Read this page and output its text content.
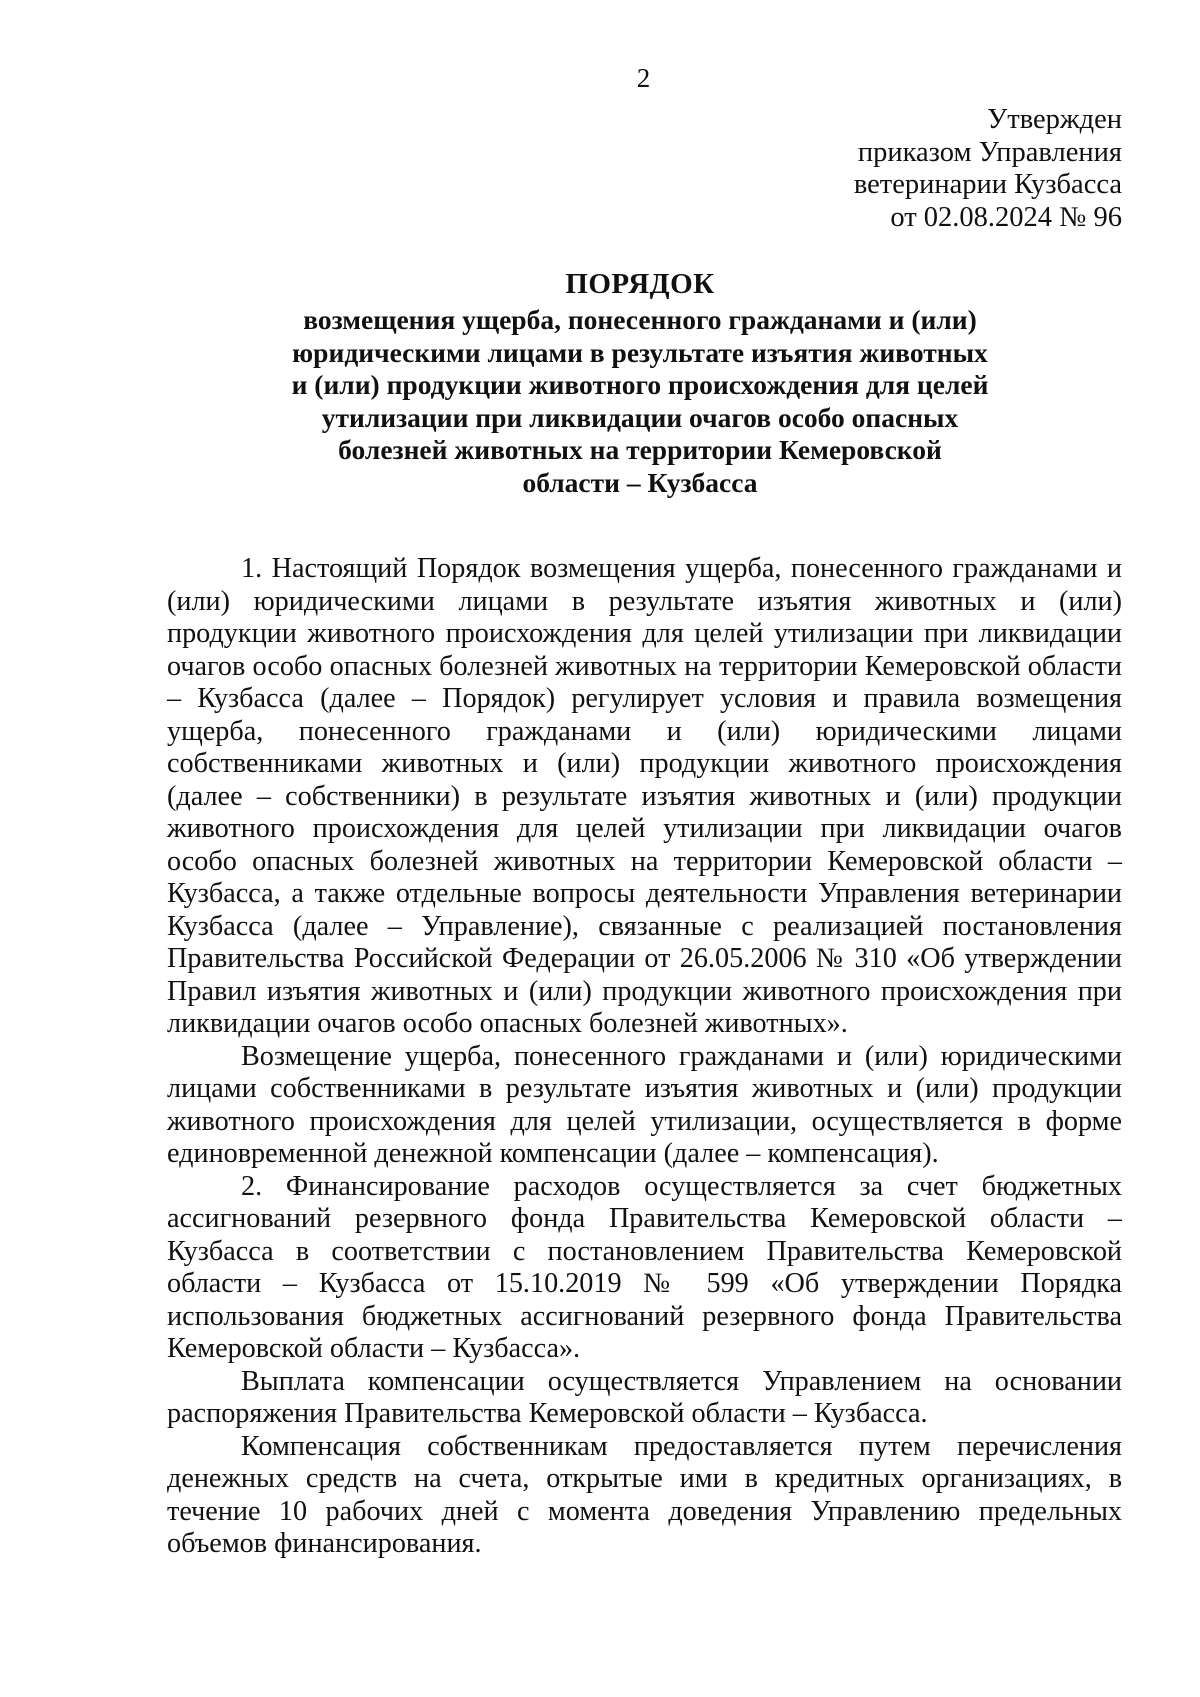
2
Утвержден
приказом Управления
ветеринарии Кузбасса
от 02.08.2024 № 96
ПОРЯДОК
возмещения ущерба, понесенного гражданами и (или)
юридическими лицами в результате изъятия животных
и (или) продукции животного происхождения для целей
утилизации при ликвидации очагов особо опасных
болезней животных на территории Кемеровской
области – Кузбасса

1. Настоящий Порядок возмещения ущерба, понесенного гражданами и (или) юридическими лицами в результате изъятия животных и (или) продукции животного происхождения для целей утилизации при ликвидации очагов особо опасных болезней животных на территории Кемеровской области – Кузбасса (далее – Порядок) регулирует условия и правила возмещения ущерба, понесенного гражданами и (или) юридическими лицами собственниками животных и (или) продукции животного происхождения (далее – собственники) в результате изъятия животных и (или) продукции животного происхождения для целей утилизации при ликвидации очагов особо опасных болезней животных на территории Кемеровской области – Кузбасса, а также отдельные вопросы деятельности Управления ветеринарии Кузбасса (далее – Управление), связанные с реализацией постановления Правительства Российской Федерации от 26.05.2006 № 310 «Об утверждении Правил изъятия животных и (или) продукции животного происхождения при ликвидации очагов особо опасных болезней животных».

Возмещение ущерба, понесенного гражданами и (или) юридическими лицами собственниками в результате изъятия животных и (или) продукции животного происхождения для целей утилизации, осуществляется в форме единовременной денежной компенсации (далее – компенсация).

2. Финансирование расходов осуществляется за счет бюджетных ассигнований резервного фонда Правительства Кемеровской области – Кузбасса в соответствии с постановлением Правительства Кемеровской области – Кузбасса от 15.10.2019 № 599 «Об утверждении Порядка использования бюджетных ассигнований резервного фонда Правительства Кемеровской области – Кузбасса».

Выплата компенсации осуществляется Управлением на основании распоряжения Правительства Кемеровской области – Кузбасса.

Компенсация собственникам предоставляется путем перечисления денежных средств на счета, открытые ими в кредитных организациях, в течение 10 рабочих дней с момента доведения Управлению предельных объемов финансирования.
